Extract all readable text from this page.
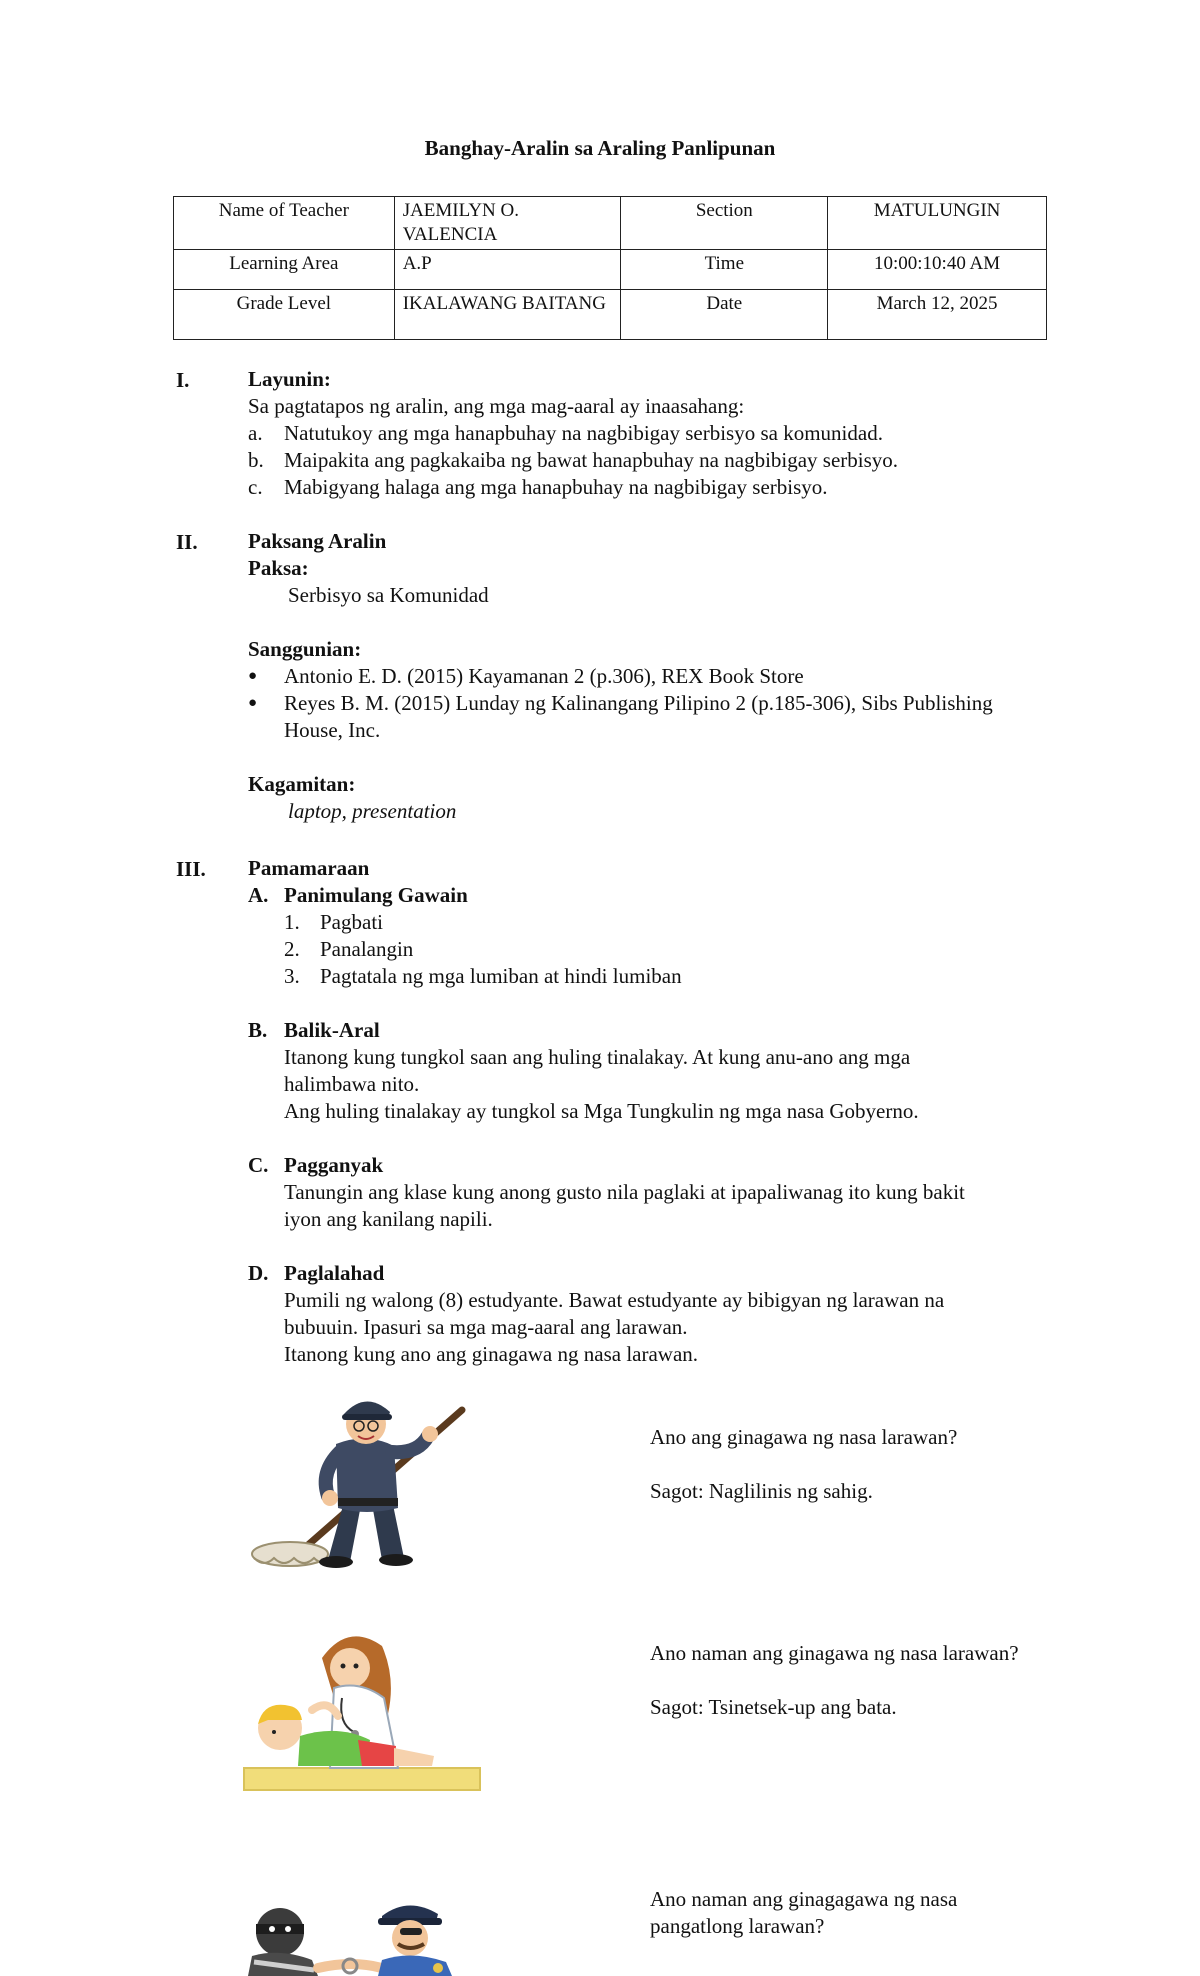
Banghay-Aralin sa Araling Panlipunan
Name of Teacher	JAEMILYN O. VALENCIA	Section	MATULUNGIN
Learning Area	A.P	Time	10:00:10:40 AM
Grade Level	IKALAWANG BAITANG	Date	March 12, 2025
I.	Layunin:
Sa pagtatapos ng aralin, ang mga mag-aaral ay inaasahang:
a. Natutukoy ang mga hanapbuhay na nagbibigay serbisyo sa komunidad.
b. Maipakita ang pagkakaiba ng bawat hanapbuhay na nagbibigay serbisyo.
c. Mabigyang halaga ang mga hanapbuhay na nagbibigay serbisyo.
II. Paksang Aralin
Paksa:
Serbisyo sa Komunidad
Sanggunian:
●	Antonio E. D. (2015) Kayamanan 2 (p.306), REX Book Store
●	Reyes B. M. (2015) Lunday ng Kalinangang Pilipino 2 (p.185-306), Sibs Publishing House, Inc.
Kagamitan:
laptop, presentation
III. Pamamaraan
A. Panimulang Gawain
1. Pagbati
2. Panalangin
3. Pagtatala ng mga lumiban at hindi lumiban
B. Balik-Aral
Itanong kung tungkol saan ang huling tinalakay. At kung anu-ano ang mga
halimbawa nito.
Ang huling tinalakay ay tungkol sa Mga Tungkulin ng mga nasa Gobyerno.
C. Pagganyak
Tanungin ang klase kung anong gusto nila paglaki at ipapaliwanag ito kung bakit
iyon ang kanilang napili.
D. Paglalahad
Pumili ng walong (8) estudyante. Bawat estudyante ay bibigyan ng larawan na
bubuuin. Ipasuri sa mga mag-aaral ang larawan.
Itanong kung ano ang ginagawa ng nasa larawan.
Ano ang ginagawa ng nasa larawan?
Sagot: Naglilinis ng sahig.
Ano naman ang ginagawa ng nasa larawan?
Sagot: Tsinetsek-up ang bata.
Ano naman ang ginagagawa ng nasa
pangatlong larawan?
